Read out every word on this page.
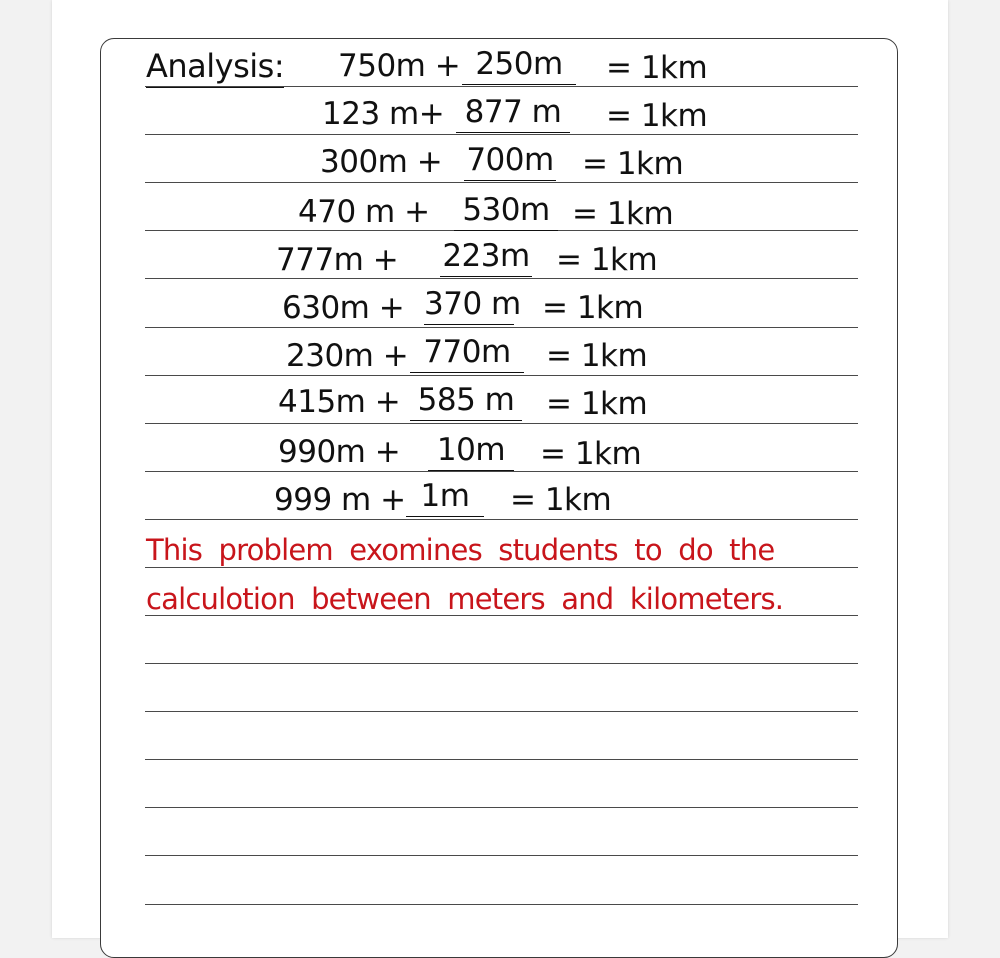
Analysis: 750m + 250m	= 1km
123 m+ 877 m = 1km
300m + 700m = 1km
470 m + 530m = 1km
777m + 223m = 1km
630m + 370 m = 1km
230m + 770m	= 1km
415m + 585 m = 1km
990m + 10m = 1km
999 m + 1m	= 1km
This problem exomines students to do the
calculotion between meters and kilometers.
